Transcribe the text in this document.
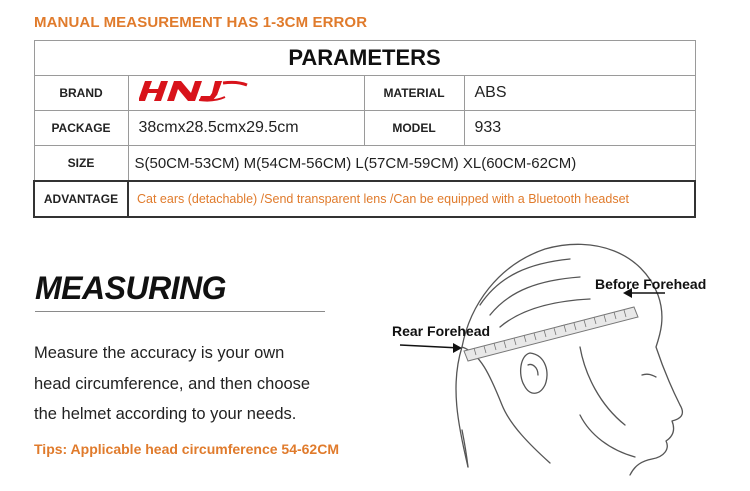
MANUAL MEASUREMENT HAS 1-3CM ERROR
PARAMETERS			
BRAND		MATERIAL	ABS
PACKAGE	38cmx28.5cmx29.5cm	MODEL	933
SIZE	S(50CM-53CM) M(54CM-56CM) L(57CM-59CM) XL(60CM-62CM)		
ADVANTAGE	Cat ears (detachable) /Send transparent lens /Can be equipped with a Bluetooth headset		
MEASURING
Measure the accuracy is your own
head circumference, and then choose
the helmet according to your needs.
Tips: Applicable head circumference 54-62CM
Before Forehead
Rear Forehead
